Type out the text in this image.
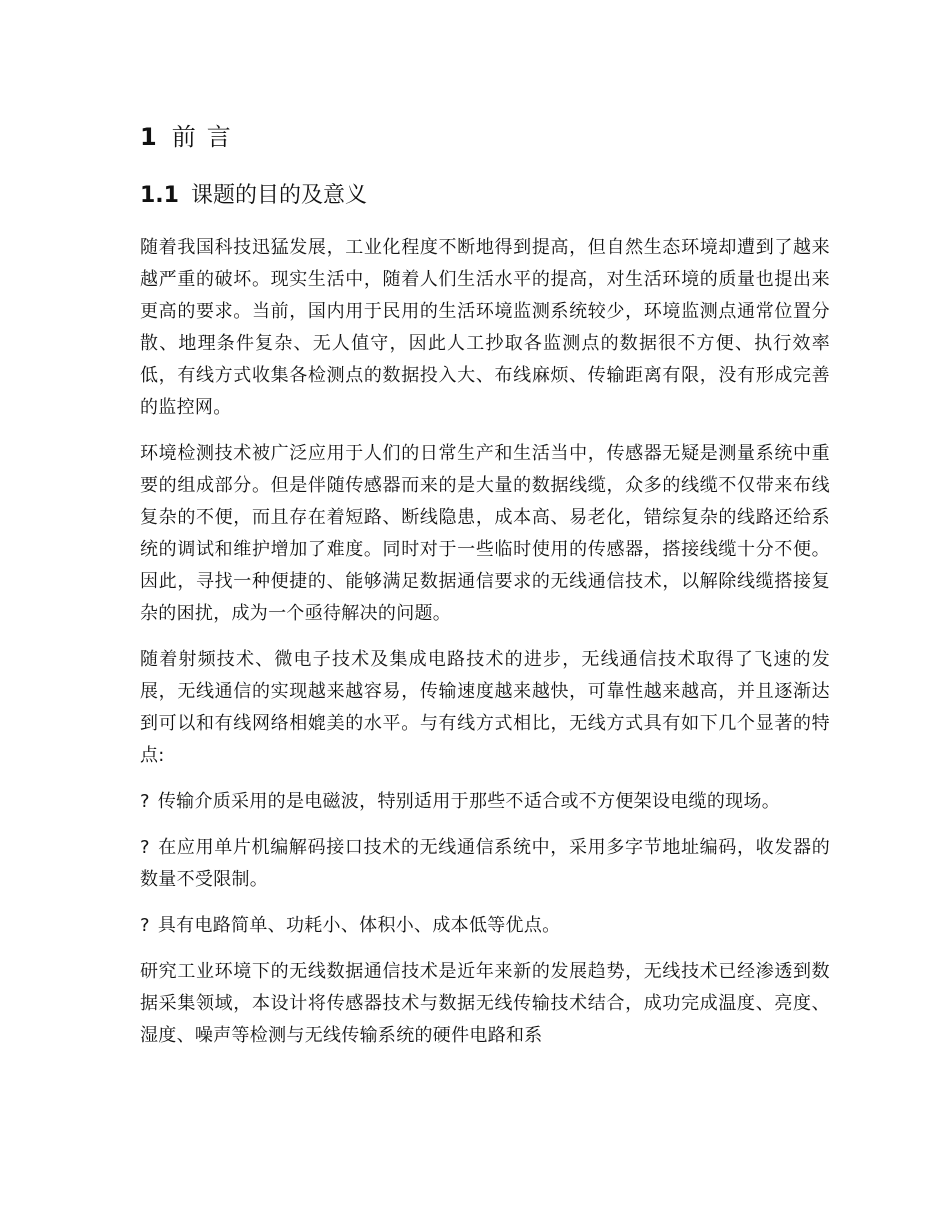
1 前 言
1.1 课题的目的及意义

随着我国科技迅猛发展，工业化程度不断地得到提高，但自然生态环境却遭到了越来越严重的破坏。现实生活中，随着人们生活水平的提高，对生活环境的质量也提出来更高的要求。当前，国内用于民用的生活环境监测系统较少，环境监测点通常位置分散、地理条件复杂、无人值守，因此人工抄取各监测点的数据很不方便、执行效率低，有线方式收集各检测点的数据投入大、布线麻烦、传输距离有限，没有形成完善的监控网。

环境检测技术被广泛应用于人们的日常生产和生活当中，传感器无疑是测量系统中重要的组成部分。但是伴随传感器而来的是大量的数据线缆，众多的线缆不仅带来布线复杂的不便，而且存在着短路、断线隐患，成本高、易老化，错综复杂的线路还给系统的调试和维护增加了难度。同时对于一些临时使用的传感器，搭接线缆十分不便。因此，寻找一种便捷的、能够满足数据通信要求的无线通信技术，以解除线缆搭接复杂的困扰，成为一个亟待解决的问题。

随着射频技术、微电子技术及集成电路技术的进步，无线通信技术取得了飞速的发展，无线通信的实现越来越容易，传输速度越来越快，可靠性越来越高，并且逐渐达到可以和有线网络相媲美的水平。与有线方式相比，无线方式具有如下几个显著的特点:

? 传输介质采用的是电磁波，特别适用于那些不适合或不方便架设电缆的现场。

? 在应用单片机编解码接口技术的无线通信系统中，采用多字节地址编码，收发器的数量不受限制。

? 具有电路简单、功耗小、体积小、成本低等优点。

研究工业环境下的无线数据通信技术是近年来新的发展趋势，无线技术已经渗透到数据采集领域，本设计将传感器技术与数据无线传输技术结合，成功完成温度、亮度、湿度、噪声等检测与无线传输系统的硬件电路和系
